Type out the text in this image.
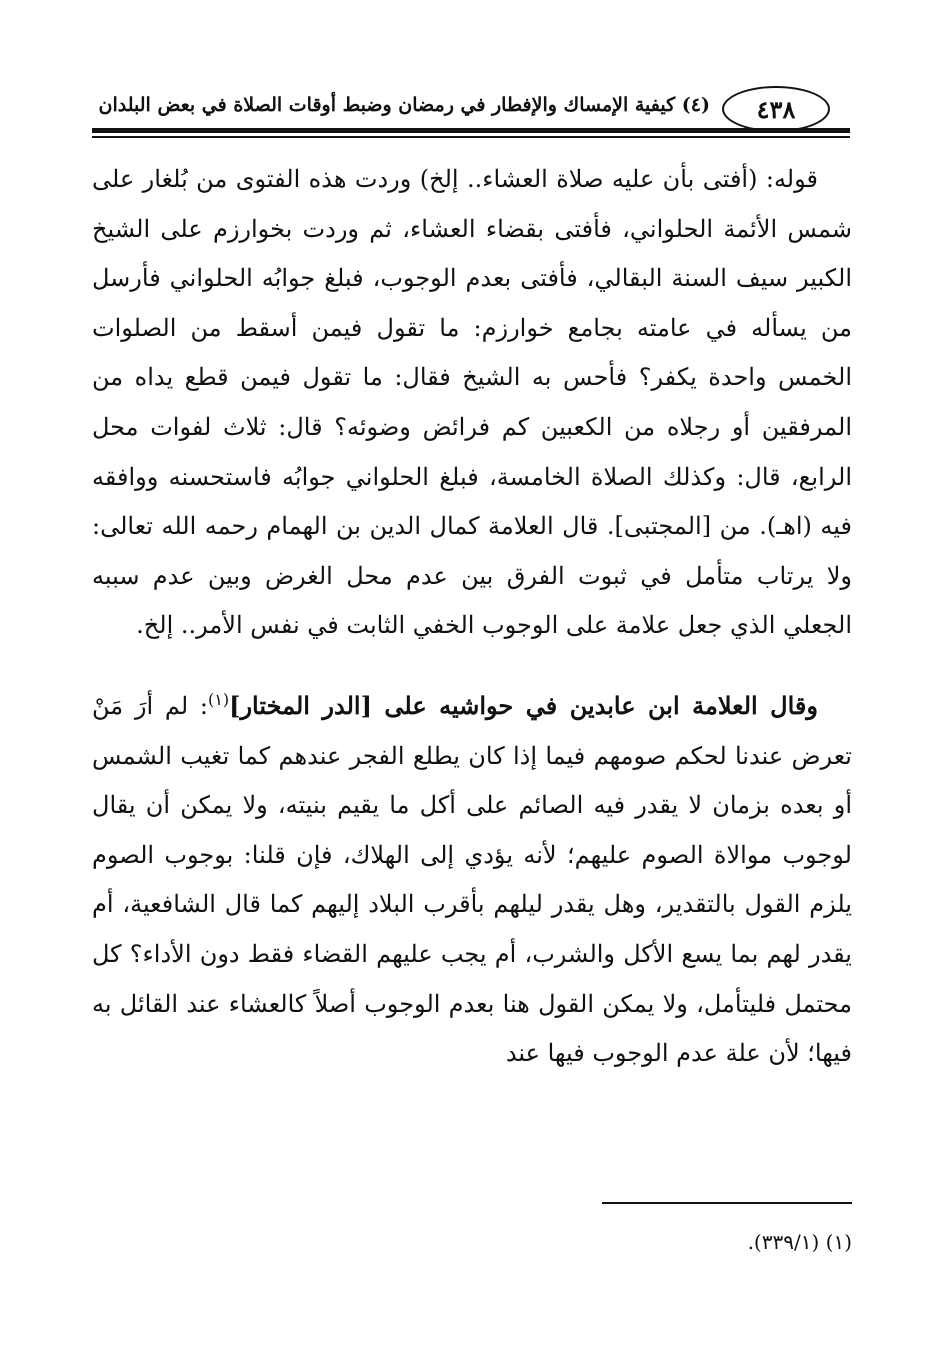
٤٣٨
(٤) كيفية الإمساك والإفطار في رمضان وضبط أوقات الصلاة في بعض البلدان

قوله: (أفتى بأن عليه صلاة العشاء.. إلخ) وردت هذه الفتوى من بُلغار على شمس الأئمة الحلواني، فأفتى بقضاء العشاء، ثم وردت بخوارزم على الشيخ الكبير سيف السنة البقالي، فأفتى بعدم الوجوب، فبلغ جوابُه الحلواني فأرسل من يسأله في عامته بجامع خوارزم: ما تقول فيمن أسقط من الصلوات الخمس واحدة يكفر؟ فأحس به الشيخ فقال: ما تقول فيمن قطع يداه من المرفقين أو رجلاه من الكعبين كم فرائض وضوئه؟ قال: ثلاث لفوات محل الرابع، قال: وكذلك الصلاة الخامسة، فبلغ الحلواني جوابُه فاستحسنه ووافقه فيه (اهـ). من [المجتبى]. قال العلامة كمال الدين بن الهمام رحمه الله تعالى: ولا يرتاب متأمل في ثبوت الفرق بين عدم محل الغرض وبين عدم سببه الجعلي الذي جعل علامة على الوجوب الخفي الثابت في نفس الأمر.. إلخ.

وقال العلامة ابن عابدين في حواشيه على [الدر المختار]$^{(١)}$: لم أرَ مَنْ تعرض عندنا لحكم صومهم فيما إذا كان يطلع الفجر عندهم كما تغيب الشمس أو بعده بزمان لا يقدر فيه الصائم على أكل ما يقيم بنيته، ولا يمكن أن يقال لوجوب موالاة الصوم عليهم؛ لأنه يؤدي إلى الهلاك، فإن قلنا: بوجوب الصوم يلزم القول بالتقدير، وهل يقدر ليلهم بأقرب البلاد إليهم كما قال الشافعية، أم يقدر لهم بما يسع الأكل والشرب، أم يجب عليهم القضاء فقط دون الأداء؟ كل محتمل فليتأمل، ولا يمكن القول هنا بعدم الوجوب أصلاً كالعشاء عند القائل به فيها؛ لأن علة عدم الوجوب فيها عند

(١) (٣٣٩/١).
